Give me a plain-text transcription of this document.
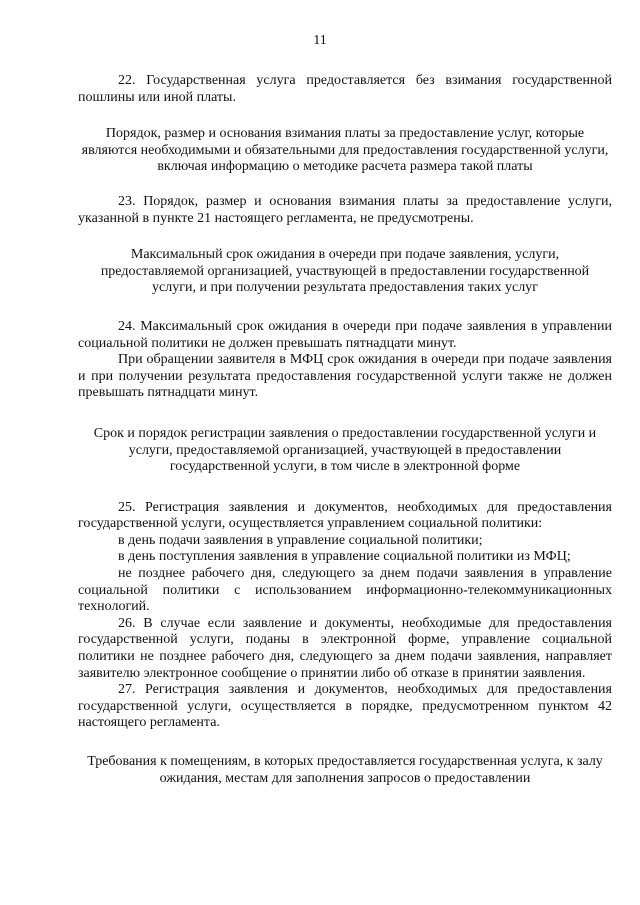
11

22. Государственная услуга предоставляется без взимания государственной пошлины или иной платы.

Порядок, размер и основания взимания платы за предоставление услуг, которые являются необходимыми и обязательными для предоставления государственной услуги, включая информацию о методике расчета размера такой платы

23. Порядок, размер и основания взимания платы за предоставление услуги, указанной в пункте 21 настоящего регламента, не предусмотрены.

Максимальный срок ожидания в очереди при подаче заявления, услуги, предоставляемой организацией, участвующей в предоставлении государственной услуги, и при получении результата предоставления таких услуг

24. Максимальный срок ожидания в очереди при подаче заявления в управлении социальной политики не должен превышать пятнадцати минут.

При обращении заявителя в МФЦ срок ожидания в очереди при подаче заявления и при получении результата предоставления государственной услуги также не должен превышать пятнадцати минут.

Срок и порядок регистрации заявления о предоставлении государственной услуги и услуги, предоставляемой организацией, участвующей в предоставлении государственной услуги, в том числе в электронной форме

25. Регистрация заявления и документов, необходимых для предоставления государственной услуги, осуществляется управлением социальной политики:

в день подачи заявления в управление социальной политики;

в день поступления заявления в управление социальной политики из МФЦ;

не позднее рабочего дня, следующего за днем подачи заявления в управление социальной политики с использованием информационно-телекоммуникационных технологий.

26. В случае если заявление и документы, необходимые для предоставления государственной услуги, поданы в электронной форме, управление социальной политики не позднее рабочего дня, следующего за днем подачи заявления, направляет заявителю электронное сообщение о принятии либо об отказе в принятии заявления.

27. Регистрация заявления и документов, необходимых для предоставления государственной услуги, осуществляется в порядке, предусмотренном пунктом 42 настоящего регламента.

Требования к помещениям, в которых предоставляется государственная услуга, к залу ожидания, местам для заполнения запросов о предоставлении
